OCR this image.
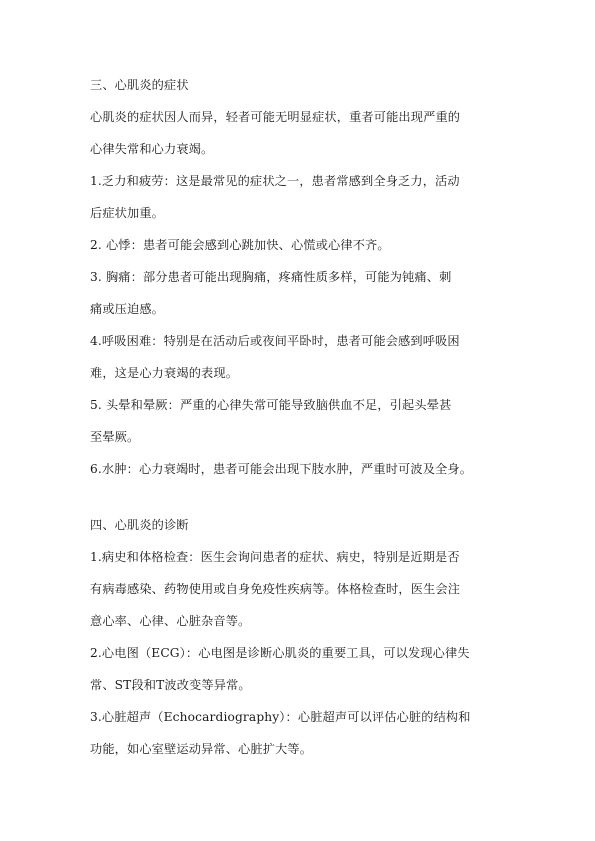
三、心肌炎的症状
心肌炎的症状因人而异，轻者可能无明显症状，重者可能出现严重的
心律失常和心力衰竭。
1.乏力和疲劳：这是最常见的症状之一，患者常感到全身乏力，活动
后症状加重。
2. 心悸：患者可能会感到心跳加快、心慌或心律不齐。
3. 胸痛：部分患者可能出现胸痛，疼痛性质多样，可能为钝痛、刺
痛或压迫感。
4.呼吸困难：特别是在活动后或夜间平卧时，患者可能会感到呼吸困
难，这是心力衰竭的表现。
5. 头晕和晕厥：严重的心律失常可能导致脑供血不足，引起头晕甚
至晕厥。
6.水肿：心力衰竭时，患者可能会出现下肢水肿，严重时可波及全身。
四、心肌炎的诊断
1.病史和体格检查：医生会询问患者的症状、病史，特别是近期是否
有病毒感染、药物使用或自身免疫性疾病等。体格检查时，医生会注
意心率、心律、心脏杂音等。
2.心电图（ECG）：心电图是诊断心肌炎的重要工具，可以发现心律失
常、ST段和T波改变等异常。
3.心脏超声（Echocardiography）：心脏超声可以评估心脏的结构和
功能，如心室壁运动异常、心脏扩大等。
